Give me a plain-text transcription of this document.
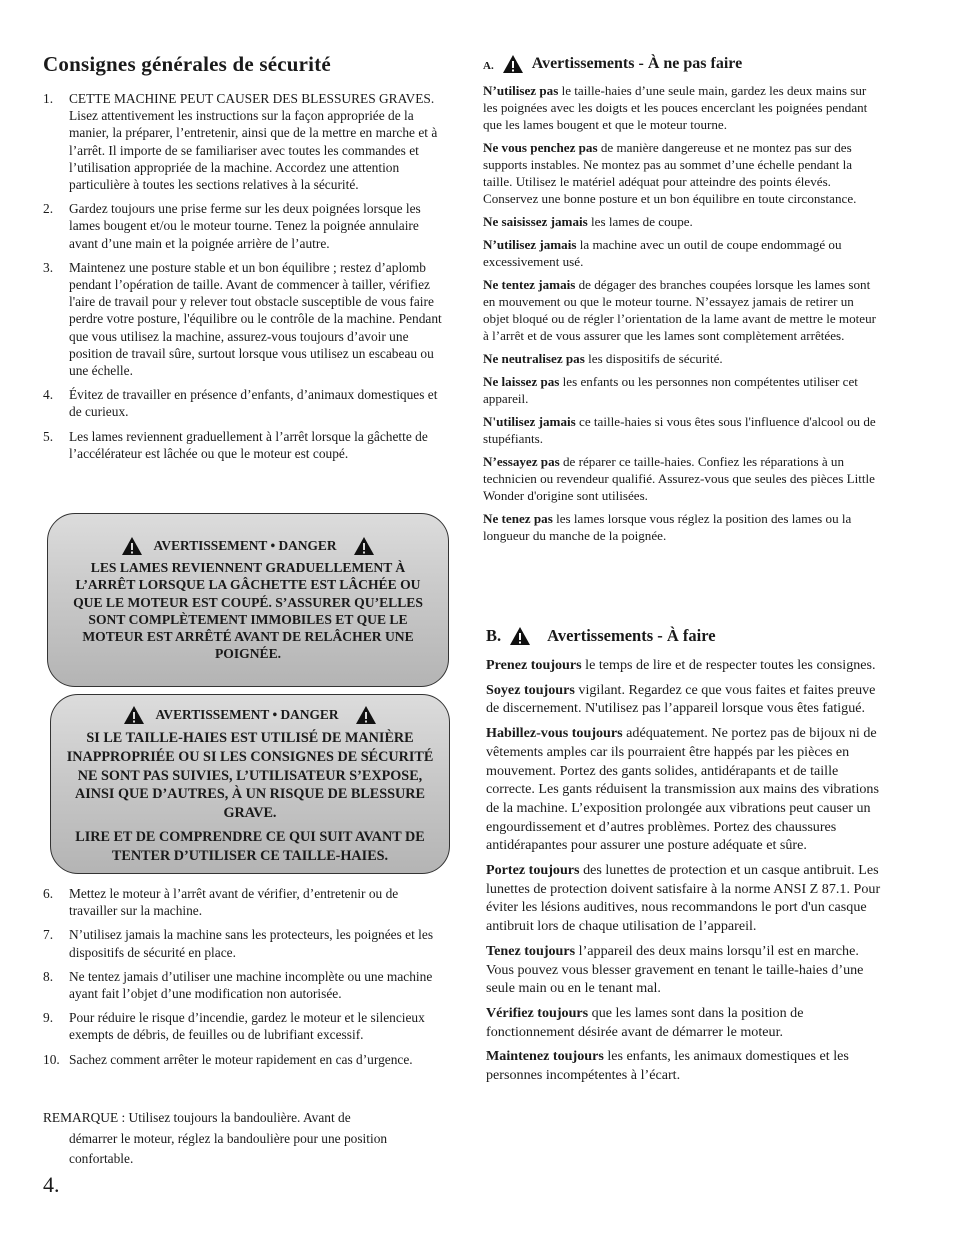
Consignes générales de sécurité
1.	CETTE MACHINE PEUT CAUSER DES BLESSURES GRAVES. Lisez attentivement les instructions sur la façon appropriée de la manier, la préparer, l’entretenir, ainsi que de la mettre en marche et à l’arrêt. Il importe de se familiariser avec toutes les commandes et l’utilisation appropriée de la machine. Accordez une attention particulière à toutes les sections relatives à la sécurité.
2.	Gardez toujours une prise ferme sur les deux poignées lorsque les lames bougent et/ou le moteur tourne. Tenez la poignée annulaire avant d’une main et la poignée arrière de l’autre.
3.	Maintenez une posture stable et un bon équilibre ; restez d’aplomb pendant l’opération de taille. Avant de commencer à tailler, vérifiez l'aire de travail pour y relever tout obstacle susceptible de vous faire perdre votre posture, l'équilibre ou le contrôle de la machine. Pendant que vous utilisez la machine, assurez-vous toujours d’avoir une position de travail sûre, surtout lorsque vous utilisez un escabeau ou une échelle.
4.	Évitez de travailler en présence d’enfants, d’animaux domestiques et de curieux.
5.	Les lames reviennent graduellement à l’arrêt lorsque la gâchette de l’accélérateur est lâchée ou que le moteur est coupé.
AVERTISSEMENT • DANGER
LES LAMES REVIENNENT GRADUELLEMENT À L’ARRÊT LORSQUE LA GÂCHETTE EST LÂCHÉE OU QUE LE MOTEUR EST COUPÉ. S’ASSURER QU’ELLES SONT COMPLÈTEMENT IMMOBILES ET QUE LE MOTEUR EST ARRÊTÉ AVANT DE RELÂCHER UNE POIGNÉE.
AVERTISSEMENT • DANGER
SI LE TAILLE-HAIES EST UTILISÉ DE MANIÈRE INAPPROPRIÉE OU SI LES CONSIGNES DE SÉCURITÉ NE SONT PAS SUIVIES, L’UTILISATEUR S’EXPOSE, AINSI QUE D’AUTRES, À UN RISQUE DE BLESSURE GRAVE.
LIRE ET DE COMPRENDRE CE QUI SUIT AVANT DE TENTER D’UTILISER CE TAILLE-HAIES.
6.	Mettez le moteur à l’arrêt avant de vérifier, d’entretenir ou de travailler sur la machine.
7.	N’utilisez jamais la machine sans les protecteurs, les poignées et les dispositifs de sécurité en place.
8.	Ne tentez jamais d’utiliser une machine incomplète ou une machine ayant fait l’objet d’une modification non autorisée.
9.	Pour réduire le risque d’incendie, gardez le moteur et le silencieux exempts de débris, de feuilles ou de lubrifiant excessif.
10. Sachez comment arrêter le moteur rapidement en cas d’urgence.
REMARQUE : Utilisez toujours la bandoulière. Avant de
démarrer le moteur, réglez la bandoulière pour une position
confortable.
4.
A. Avertissements - À ne pas faire

N’utilisez pas le taille-haies d’une seule main, gardez les deux mains sur les poignées avec les doigts et les pouces encerclant les poignées pendant que les lames bougent et que le moteur tourne.

Ne vous penchez pas de manière dangereuse et ne montez pas sur des supports instables. Ne montez pas au sommet d’une échelle pendant la taille. Utilisez le matériel adéquat pour atteindre des points élevés. Conservez une bonne posture et un bon équilibre en toute circonstance.

Ne saisissez jamais les lames de coupe.

N’utilisez jamais la machine avec un outil de coupe endommagé ou excessivement usé.

Ne tentez jamais de dégager des branches coupées lorsque les lames sont en mouvement ou que le moteur tourne. N’essayez jamais de retirer un objet bloqué ou de régler l’orientation de la lame avant de mettre le moteur à l’arrêt et de vous assurer que les lames sont complètement arrêtées.

Ne neutralisez pas les dispositifs de sécurité.

Ne laissez pas les enfants ou les personnes non compétentes utiliser cet appareil.

N'utilisez jamais ce taille-haies si vous êtes sous l'influence d'alcool ou de stupéfiants.

N’essayez pas de réparer ce taille-haies. Confiez les réparations à un technicien ou revendeur qualifié. Assurez-vous que seules des pièces Little Wonder d'origine sont utilisées.

Ne tenez pas les lames lorsque vous réglez la position des lames ou la longueur du manche de la poignée.

B.	Avertissements - À faire

Prenez toujours le temps de lire et de respecter toutes les consignes.

Soyez toujours vigilant. Regardez ce que vous faites et faites preuve de discernement. N'utilisez pas l’appareil lorsque vous êtes fatigué.

Habillez-vous toujours adéquatement. Ne portez pas de bijoux ni de vêtements amples car ils pourraient être happés par les pièces en mouvement. Portez des gants solides, antidérapants et de taille correcte. Les gants réduisent la transmission aux mains des vibrations de la machine. L’exposition prolongée aux vibrations peut causer un engourdissement et d’autres problèmes. Portez des chaussures antidérapantes pour assurer une posture adéquate et sûre.

Portez toujours des lunettes de protection et un casque antibruit. Les lunettes de protection doivent satisfaire à la norme ANSI Z 87.1. Pour éviter les lésions auditives, nous recommandons le port d'un casque antibruit lors de chaque utilisation de l’appareil.

Tenez toujours l’appareil des deux mains lorsqu’il est en marche. Vous pouvez vous blesser gravement en tenant le taille-haies d’une seule main ou en le tenant mal.

Vérifiez toujours que les lames sont dans la position de fonctionnement désirée avant de démarrer le moteur.

Maintenez toujours les enfants, les animaux domestiques et les personnes incompétentes à l’écart.
